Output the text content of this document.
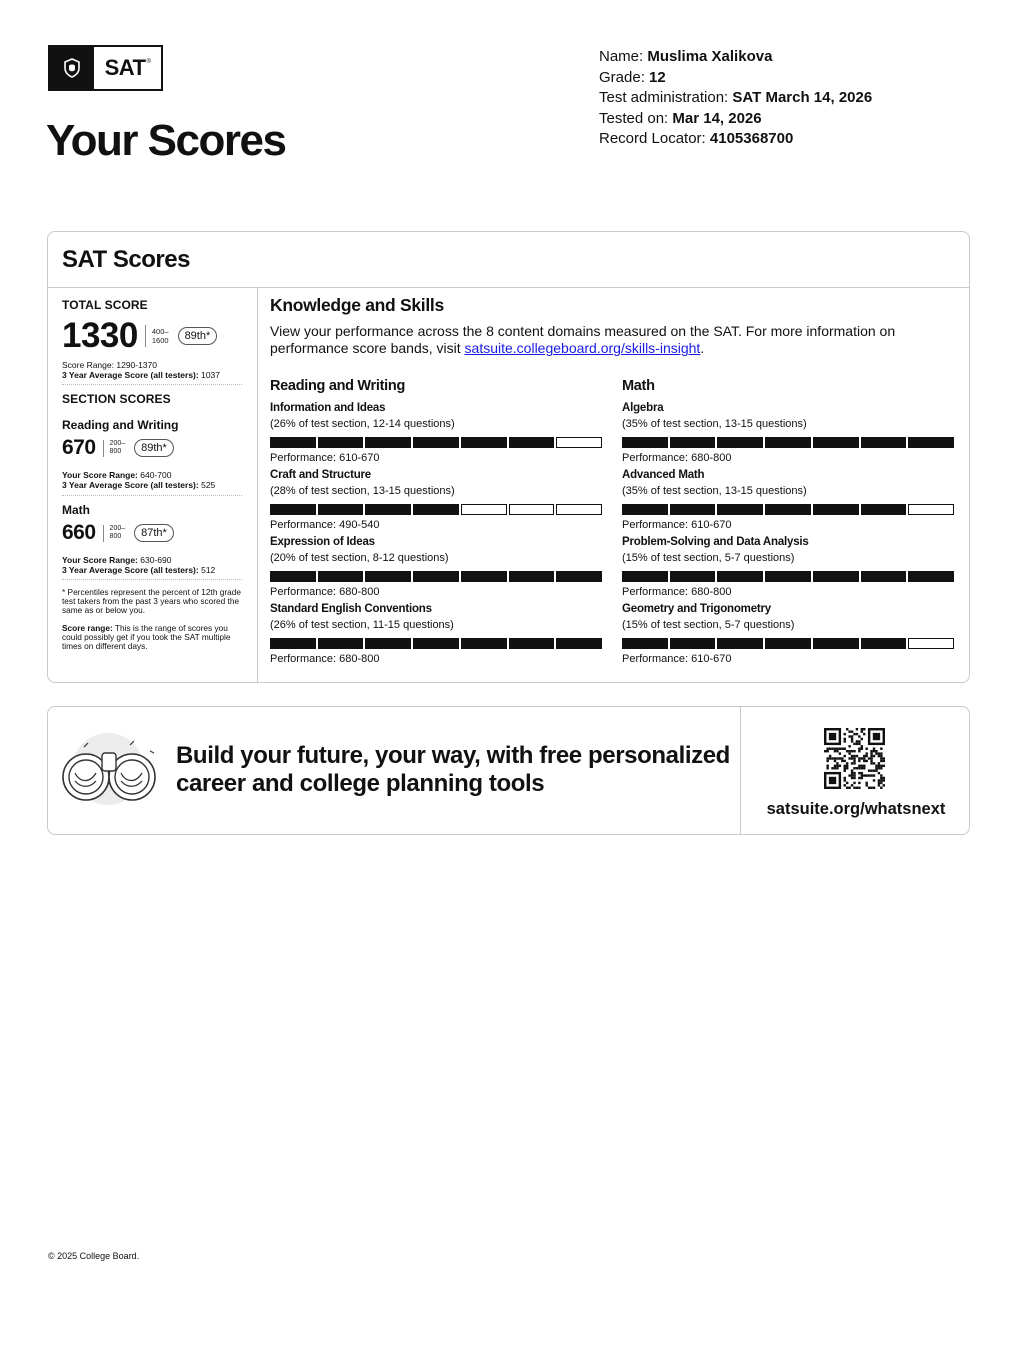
SAT®
Your Scores
Name: Muslima Xalikova
Grade: 12
Test administration: SAT March 14, 2026
Tested on: Mar 14, 2026
Record Locator: 4105368700
SAT Scores
TOTAL SCORE
1330 400–
1600	89th*
Score Range: 1290-1370
3 Year Average Score (all testers): 1037
SECTION SCORES
Reading and Writing
670 200–
800	89th*
Your Score Range: 640-700
3 Year Average Score (all testers): 525
Math
660 200–
800	87th*
Your Score Range: 630-690
3 Year Average Score (all testers): 512
* Percentiles represent the percent of 12th grade test takers from the past 3 years who scored the same as or below you.
Score range: This is the range of scores you could possibly get if you took the SAT multiple times on different days.
Knowledge and Skills
View your performance across the 8 content domains measured on the SAT. For more information on performance score bands, visit satsuite.collegeboard.org/skills-insight.
Reading and Writing
Information and Ideas
(26% of test section, 12-14 questions)
Performance: 610-670
Craft and Structure
(28% of test section, 13-15 questions)
Performance: 490-540
Expression of Ideas
(20% of test section, 8-12 questions)
Performance: 680-800
Standard English Conventions
(26% of test section, 11-15 questions)
Performance: 680-800
Math
Algebra
(35% of test section, 13-15 questions)
Performance: 680-800
Advanced Math
(35% of test section, 13-15 questions)
Performance: 610-670
Problem-Solving and Data Analysis
(15% of test section, 5-7 questions)
Performance: 680-800
Geometry and Trigonometry
(15% of test section, 5-7 questions)
Performance: 610-670
Build your future, your way, with free personalized
career and college planning tools
satsuite.org/whatsnext
© 2025 College Board.
